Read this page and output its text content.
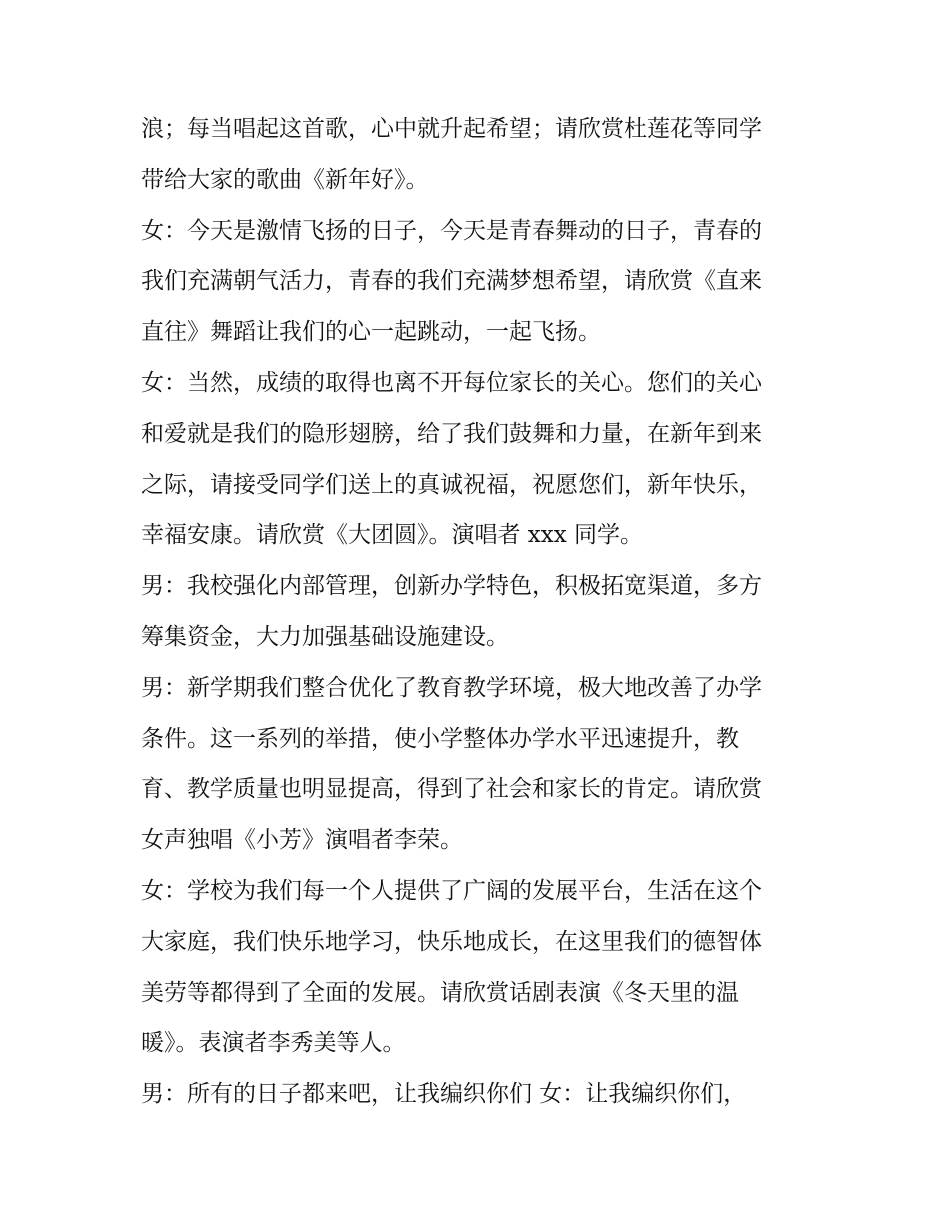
浪；每当唱起这首歌，心中就升起希望；请欣赏杜莲花等同学
带给大家的歌曲《新年好》。

女：今天是激情飞扬的日子，今天是青春舞动的日子，青春的
我们充满朝气活力，青春的我们充满梦想希望，请欣赏《直来
直往》舞蹈让我们的心一起跳动，一起飞扬。

女：当然，成绩的取得也离不开每位家长的关心。您们的关心
和爱就是我们的隐形翅膀，给了我们鼓舞和力量，在新年到来
之际，请接受同学们送上的真诚祝福，祝愿您们，新年快乐，
幸福安康。请欣赏《大团圆》。演唱者 xxx 同学。

男：我校强化内部管理，创新办学特色，积极拓宽渠道，多方
筹集资金，大力加强基础设施建设。

男：新学期我们整合优化了教育教学环境，极大地改善了办学
条件。这一系列的举措，使小学整体办学水平迅速提升，教
育、教学质量也明显提高，得到了社会和家长的肯定。请欣赏
女声独唱《小芳》演唱者李荣。

女：学校为我们每一个人提供了广阔的发展平台，生活在这个
大家庭，我们快乐地学习，快乐地成长，在这里我们的德智体
美劳等都得到了全面的发展。请欣赏话剧表演《冬天里的温
暖》。表演者李秀美等人。

男：所有的日子都来吧，让我编织你们 女：让我编织你们，
